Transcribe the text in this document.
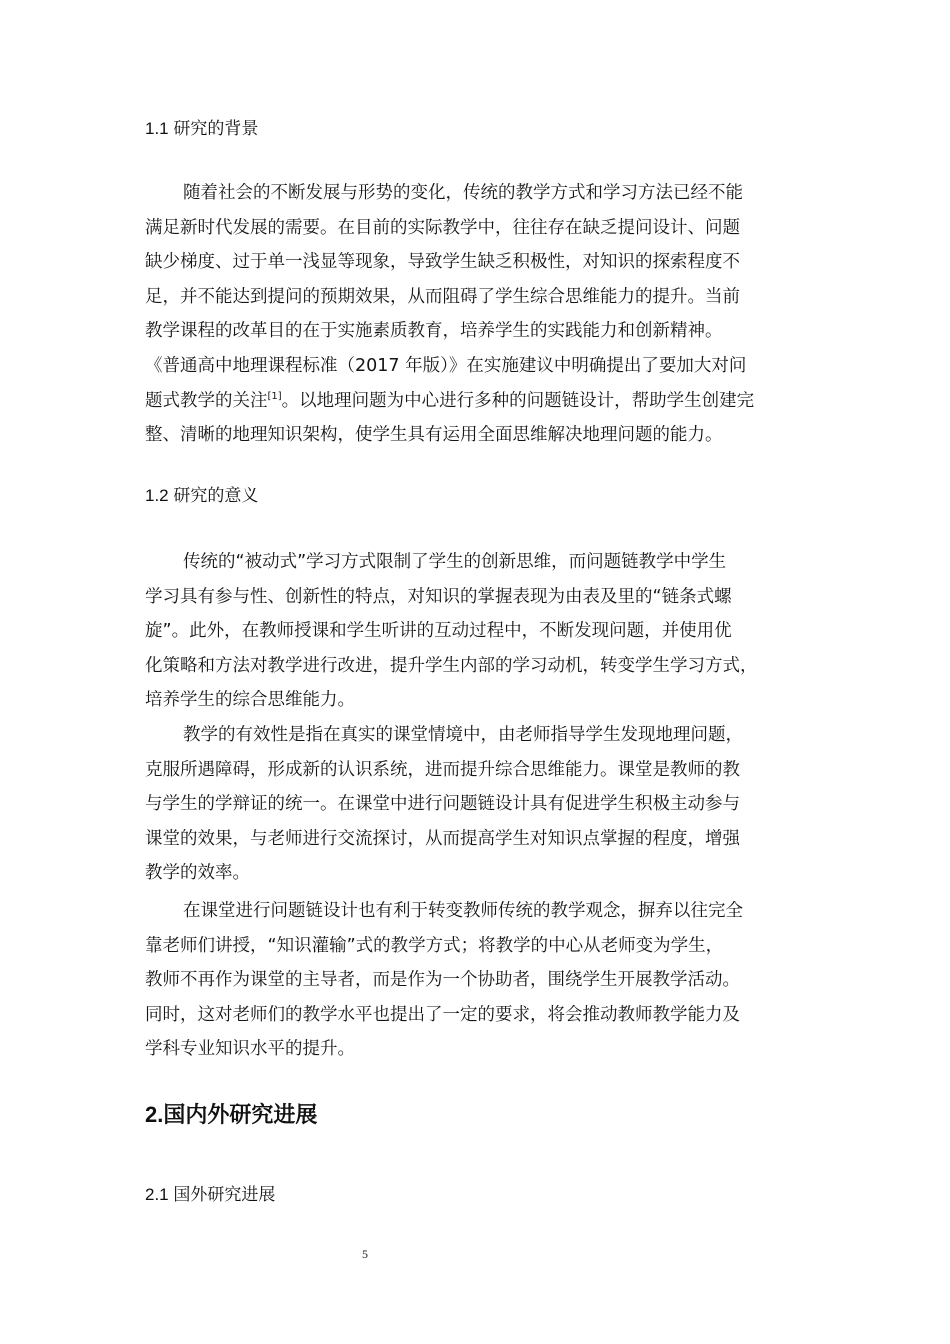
1.1 研究的背景
随着社会的不断发展与形势的变化，传统的教学方式和学习方法已经不能
满足新时代发展的需要。在目前的实际教学中，往往存在缺乏提问设计、问题
缺少梯度、过于单一浅显等现象，导致学生缺乏积极性，对知识的探索程度不
足，并不能达到提问的预期效果，从而阻碍了学生综合思维能力的提升。当前
教学课程的改革目的在于实施素质教育，培养学生的实践能力和创新精神。
《普通高中地理课程标准（2017 年版）》在实施建议中明确提出了要加大对问
题式教学的关注[1]。以地理问题为中心进行多种的问题链设计，帮助学生创建完
整、清晰的地理知识架构，使学生具有运用全面思维解决地理问题的能力。
1.2 研究的意义
传统的“被动式”学习方式限制了学生的创新思维，而问题链教学中学生
学习具有参与性、创新性的特点，对知识的掌握表现为由表及里的“链条式螺
旋”。此外，在教师授课和学生听讲的互动过程中，不断发现问题，并使用优
化策略和方法对教学进行改进，提升学生内部的学习动机，转变学生学习方式，
培养学生的综合思维能力。
教学的有效性是指在真实的课堂情境中，由老师指导学生发现地理问题，
克服所遇障碍，形成新的认识系统，进而提升综合思维能力。课堂是教师的教
与学生的学辩证的统一。在课堂中进行问题链设计具有促进学生积极主动参与
课堂的效果，与老师进行交流探讨，从而提高学生对知识点掌握的程度，增强
教学的效率。
在课堂进行问题链设计也有利于转变教师传统的教学观念，摒弃以往完全
靠老师们讲授，“知识灌输”式的教学方式；将教学的中心从老师变为学生，
教师不再作为课堂的主导者，而是作为一个协助者，围绕学生开展教学活动。
同时，这对老师们的教学水平也提出了一定的要求，将会推动教师教学能力及
学科专业知识水平的提升。
2.国内外研究进展
2.1 国外研究进展
5
